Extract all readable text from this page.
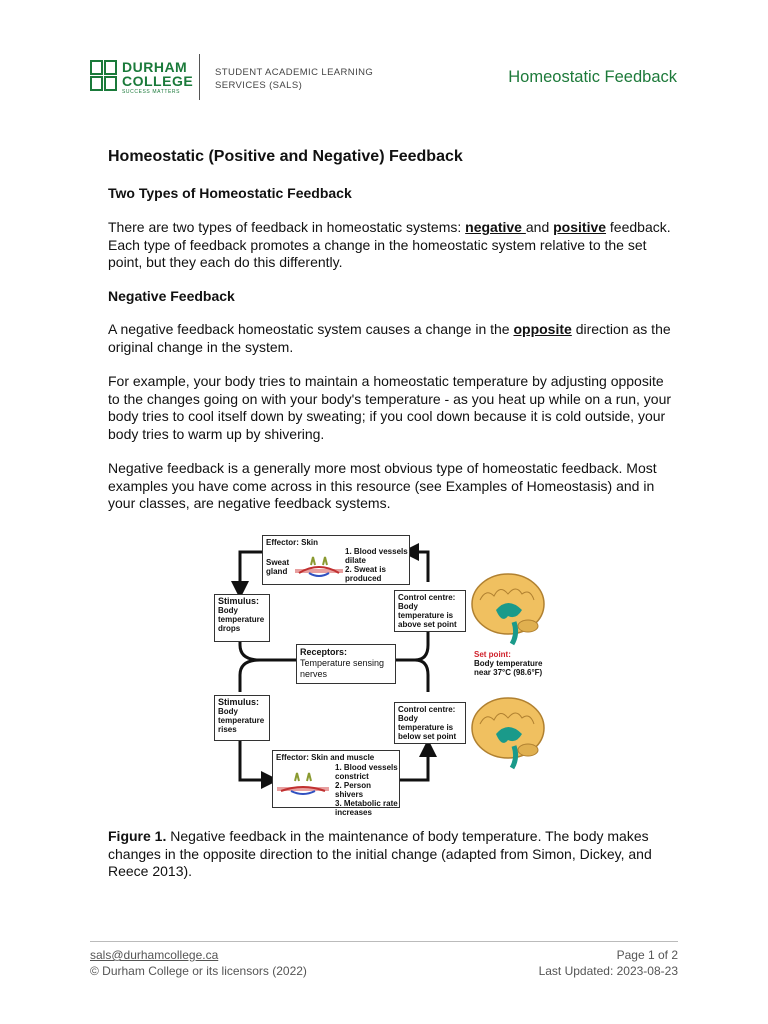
DURHAM
COLLEGE
SUCCESS MATTERS
STUDENT ACADEMIC LEARNING
SERVICES (SALS)	Homeostatic Feedback
Homeostatic (Positive and Negative) Feedback
Two Types of Homeostatic Feedback

There are two types of feedback in homeostatic systems: negative and positive feedback. Each type of feedback promotes a change in the homeostatic system relative to the set point, but they each do this differently.

Negative Feedback

A negative feedback homeostatic system causes a change in the opposite direction as the original change in the system.

For example, your body tries to maintain a homeostatic temperature by adjusting opposite to the changes going on with your body's temperature - as you heat up while on a run, your body tries to cool itself down by sweating; if you cool down because it is cold outside, your body tries to warm up by shivering.

Negative feedback is a generally more most obvious type of homeostatic feedback. Most examples you have come across in this resource (see Examples of Homeostasis) and in your classes, are negative feedback systems.

Effector: Skin
1. Blood vessels dilate
2. Sweat is produced
Sweat gland
Stimulus:
Body temperature drops
Control centre:
Body temperature is above set point
Receptors:
Temperature sensing nerves
Stimulus:
Body temperature rises
Control centre:
Body temperature is below set point
Effector: Skin and muscle
1. Blood vessels constrict
2. Person shivers
3. Metabolic rate increases
Set point:
Body temperature near 37°C (98.6°F)

Figure 1. Negative feedback in the maintenance of body temperature. The body makes changes in the opposite direction to the initial change (adapted from Simon, Dickey, and Reece 2013).

sals@durhamcollege.ca
© Durham College or its licensors (2022)
Page 1 of 2
Last Updated: 2023-08-23
